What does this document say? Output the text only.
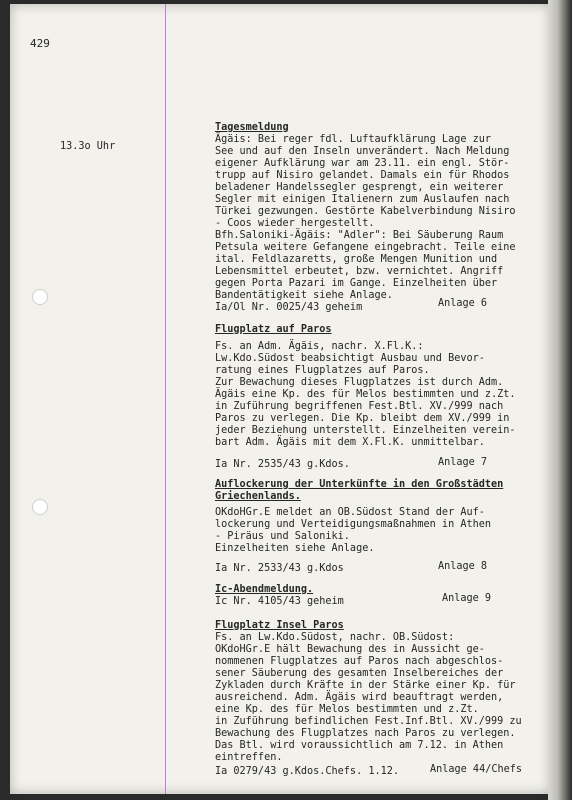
429
13.3o Uhr
Tagesmeldung
Ägäis: Bei reger fdl. Luftaufklärung Lage zur
See und auf den Inseln unverändert. Nach Meldung
eigener Aufklärung war am 23.11. ein engl. Stör-
trupp auf Nisiro gelandet. Damals ein für Rhodos
beladener Handelssegler gesprengt, ein weiterer
Segler mit einigen Italienern zum Auslaufen nach
Türkei gezwungen. Gestörte Kabelverbindung Nisiro
- Coos wieder hergestellt.
Bfh.Saloniki-Ägäis: "Adler": Bei Säuberung Raum
Petsula weitere Gefangene eingebracht. Teile eine
ital. Feldlazaretts, große Mengen Munition und
Lebensmittel erbeutet, bzw. vernichtet. Angriff
gegen Porta Pazari im Gange. Einzelheiten über
Bandentätigkeit siehe Anlage.
Ia/Ol Nr. 0025/43 geheim	Anlage 6
Flugplatz auf Paros
Fs. an Adm. Ägäis, nachr. X.Fl.K.:
Lw.Kdo.Südost beabsichtigt Ausbau und Bevor-
ratung eines Flugplatzes auf Paros.
Zur Bewachung dieses Flugplatzes ist durch Adm.
Ägäis eine Kp. des für Melos bestimmten und z.Zt.
in Zuführung begriffenen Fest.Btl. XV./999 nach
Paros zu verlegen. Die Kp. bleibt dem XV./999 in
jeder Beziehung unterstellt. Einzelheiten verein-
bart Adm. Ägäis mit dem X.Fl.K. unmittelbar.
Ia Nr. 2535/43 g.Kdos.	Anlage 7
Auflockerung der Unterkünfte in den Großstädten
Griechenlands.
OKdoHGr.E meldet an OB.Südost Stand der Auf-
lockerung und Verteidigungsmaßnahmen in Athen
- Piräus und Saloniki.
Einzelheiten siehe Anlage.
Ia Nr. 2533/43 g.Kdos	Anlage 8
Ic-Abendmeldung.
Ic Nr. 4105/43 geheim	Anlage 9
Flugplatz Insel Paros
Fs. an Lw.Kdo.Südost, nachr. OB.Südost:
OKdoHGr.E hält Bewachung des in Aussicht ge-
nommenen Flugplatzes auf Paros nach abgeschlos-
sener Säuberung des gesamten Inselbereiches der
Zykladen durch Kräfte in der Stärke einer Kp. für
ausreichend. Adm. Ägäis wird beauftragt werden,
eine Kp. des für Melos bestimmten und z.Zt.
in Zuführung befindlichen Fest.Inf.Btl. XV./999 zu
Bewachung des Flugplatzes nach Paros zu verlegen.
Das Btl. wird voraussichtlich am 7.12. in Athen
eintreffen.
Ia 0279/43 g.Kdos.Chefs. 1.12.	Anlage 44/Chefs
